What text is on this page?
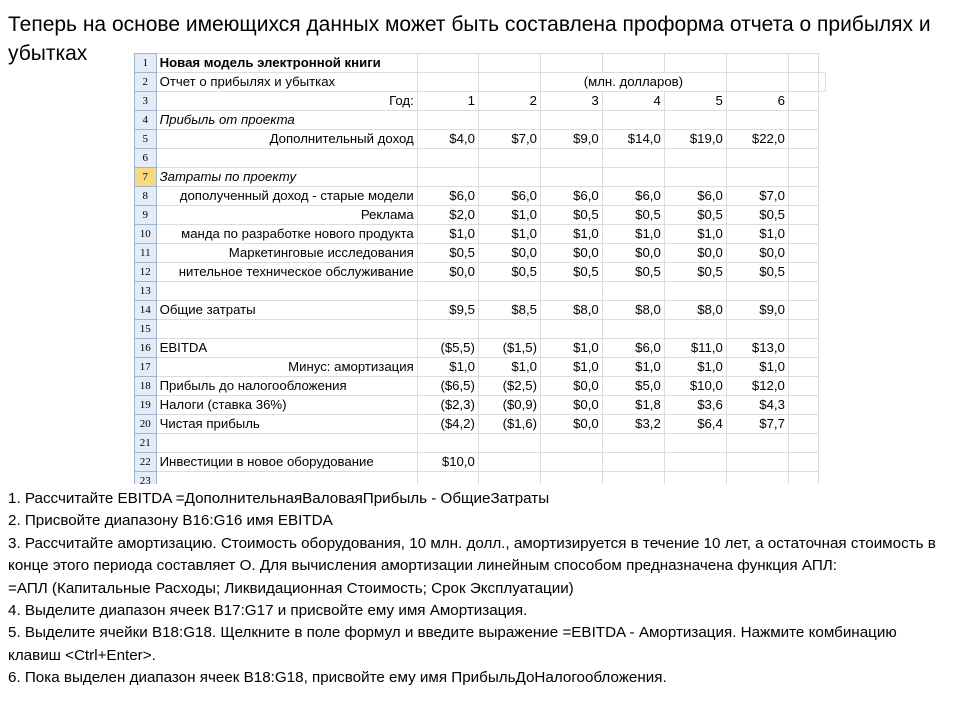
Теперь на основе имеющихся данных может быть составлена проформа отчета о прибылях и убытках	1	Новая модель электронной книги								
2	Отчет о прибылях и убытках			(млн. долларов)					
3	Год:	1	2	3	4	5	6		
4	Прибыль от проекта								
5	Дополнительный доход	$4,0	$7,0	$9,0	$14,0	$19,0	$22,0		
6									
7	Затраты по проекту								
8	дополученный доход - старые модели	$6,0	$6,0	$6,0	$6,0	$6,0	$7,0		
9	Реклама	$2,0	$1,0	$0,5	$0,5	$0,5	$0,5		
10	манда по разработке нового продукта	$1,0	$1,0	$1,0	$1,0	$1,0	$1,0		
11	Маркетинговые исследования	$0,5	$0,0	$0,0	$0,0	$0,0	$0,0		
12	нительное техническое обслуживание	$0,0	$0,5	$0,5	$0,5	$0,5	$0,5		
13									
14	Общие затраты	$9,5	$8,5	$8,0	$8,0	$8,0	$9,0		
15									
16	EBITDA	($5,5)	($1,5)	$1,0	$6,0	$11,0	$13,0		
17	Минус: амортизация	$1,0	$1,0	$1,0	$1,0	$1,0	$1,0		
18	Прибыль до налогообложения	($6,5)	($2,5)	$0,0	$5,0	$10,0	$12,0		
19	Налоги (ставка 36%)	($2,3)	($0,9)	$0,0	$1,8	$3,6	$4,3		
20	Чистая прибыль	($4,2)	($1,6)	$0,0	$3,2	$6,4	$7,7		
21									
22	Инвестиции в новое оборудование	$10,0							
23									

1. Рассчитайте EBITDA =ДополнительнаяВаловаяПрибыль - ОбщиеЗатраты

2. Присвойте диапазону B16:G16 имя EBITDA

3. Рассчитайте амортизацию. Стоимость оборудования, 10 млн. долл., амортизируется в течение 10 лет, а остаточная стоимость в конце этого периода составляет О. Для вычисления амортизации линейным способом предназначена функция АПЛ:

=АПЛ (Капитальные Расходы; Ликвидационная Стоимость; Срок Эксплуатации)

4. Выделите диапазон ячеек B17:G17 и присвойте ему имя Амортизация.

5. Выделите ячейки B18:G18. Щелкните в поле формул и введите выражение =EBITDA - Амортизация. Нажмите комбинацию клавиш <Ctrl+Enter>.

6. Пока выделен диапазон ячеек B18:G18, присвойте ему имя ПрибыльДоНалогообложения.
